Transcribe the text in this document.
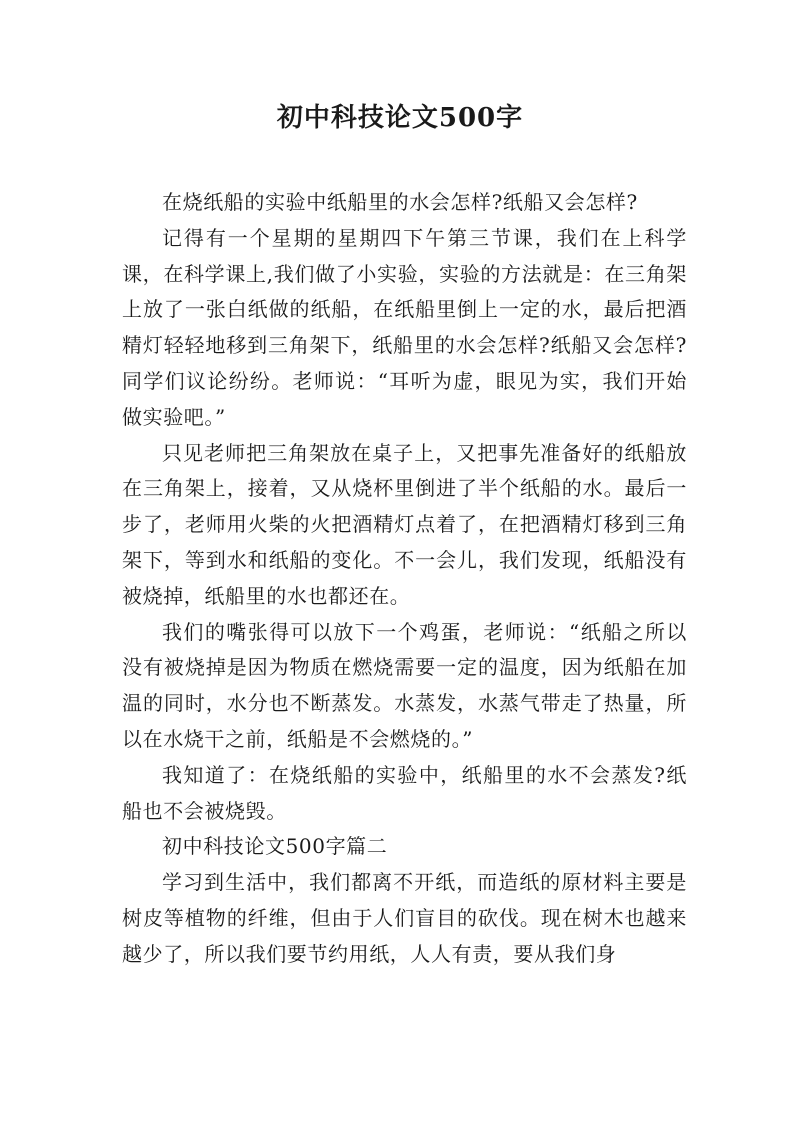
初中科技论文500字

在烧纸船的实验中纸船里的水会怎样?纸船又会怎样?

记得有一个星期的星期四下午第三节课，我们在上科学课，在科学课上,我们做了小实验，实验的方法就是：在三角架上放了一张白纸做的纸船，在纸船里倒上一定的水，最后把酒精灯轻轻地移到三角架下，纸船里的水会怎样?纸船又会怎样?同学们议论纷纷。老师说：“耳听为虚，眼见为实，我们开始做实验吧。”

只见老师把三角架放在桌子上，又把事先准备好的纸船放在三角架上，接着，又从烧杯里倒进了半个纸船的水。最后一步了，老师用火柴的火把酒精灯点着了，在把酒精灯移到三角架下，等到水和纸船的变化。不一会儿，我们发现，纸船没有被烧掉，纸船里的水也都还在。

我们的嘴张得可以放下一个鸡蛋，老师说：“纸船之所以没有被烧掉是因为物质在燃烧需要一定的温度，因为纸船在加温的同时，水分也不断蒸发。水蒸发，水蒸气带走了热量，所以在水烧干之前，纸船是不会燃烧的。”

我知道了：在烧纸船的实验中，纸船里的水不会蒸发?纸船也不会被烧毁。

初中科技论文500字篇二

学习到生活中，我们都离不开纸，而造纸的原材料主要是树皮等植物的纤维，但由于人们盲目的砍伐。现在树木也越来越少了，所以我们要节约用纸，人人有责，要从我们身
